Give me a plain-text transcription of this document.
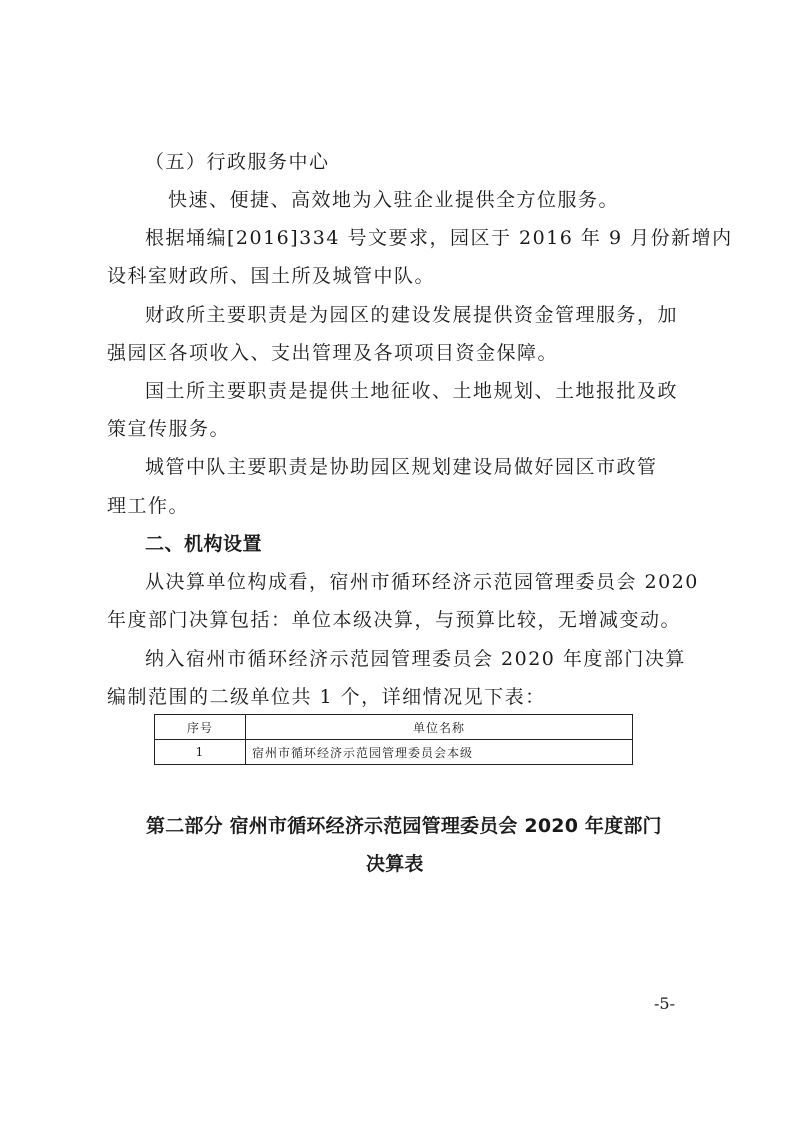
（五）行政服务中心
快速、便捷、高效地为入驻企业提供全方位服务。
根据埇编[2016]334 号文要求，园区于 2016 年 9 月份新增内
设科室财政所、国土所及城管中队。
财政所主要职责是为园区的建设发展提供资金管理服务，加
强园区各项收入、支出管理及各项项目资金保障。
国土所主要职责是提供土地征收、土地规划、土地报批及政
策宣传服务。
城管中队主要职责是协助园区规划建设局做好园区市政管
理工作。
二、机构设置
从决算单位构成看，宿州市循环经济示范园管理委员会 2020
年度部门决算包括：单位本级决算，与预算比较，无增减变动。
纳入宿州市循环经济示范园管理委员会 2020 年度部门决算
编制范围的二级单位共 1 个，详细情况见下表：
序号	单位名称
1	宿州市循环经济示范园管理委员会本级
第二部分 宿州市循环经济示范园管理委员会 2020 年度部门
决算表
-5-
